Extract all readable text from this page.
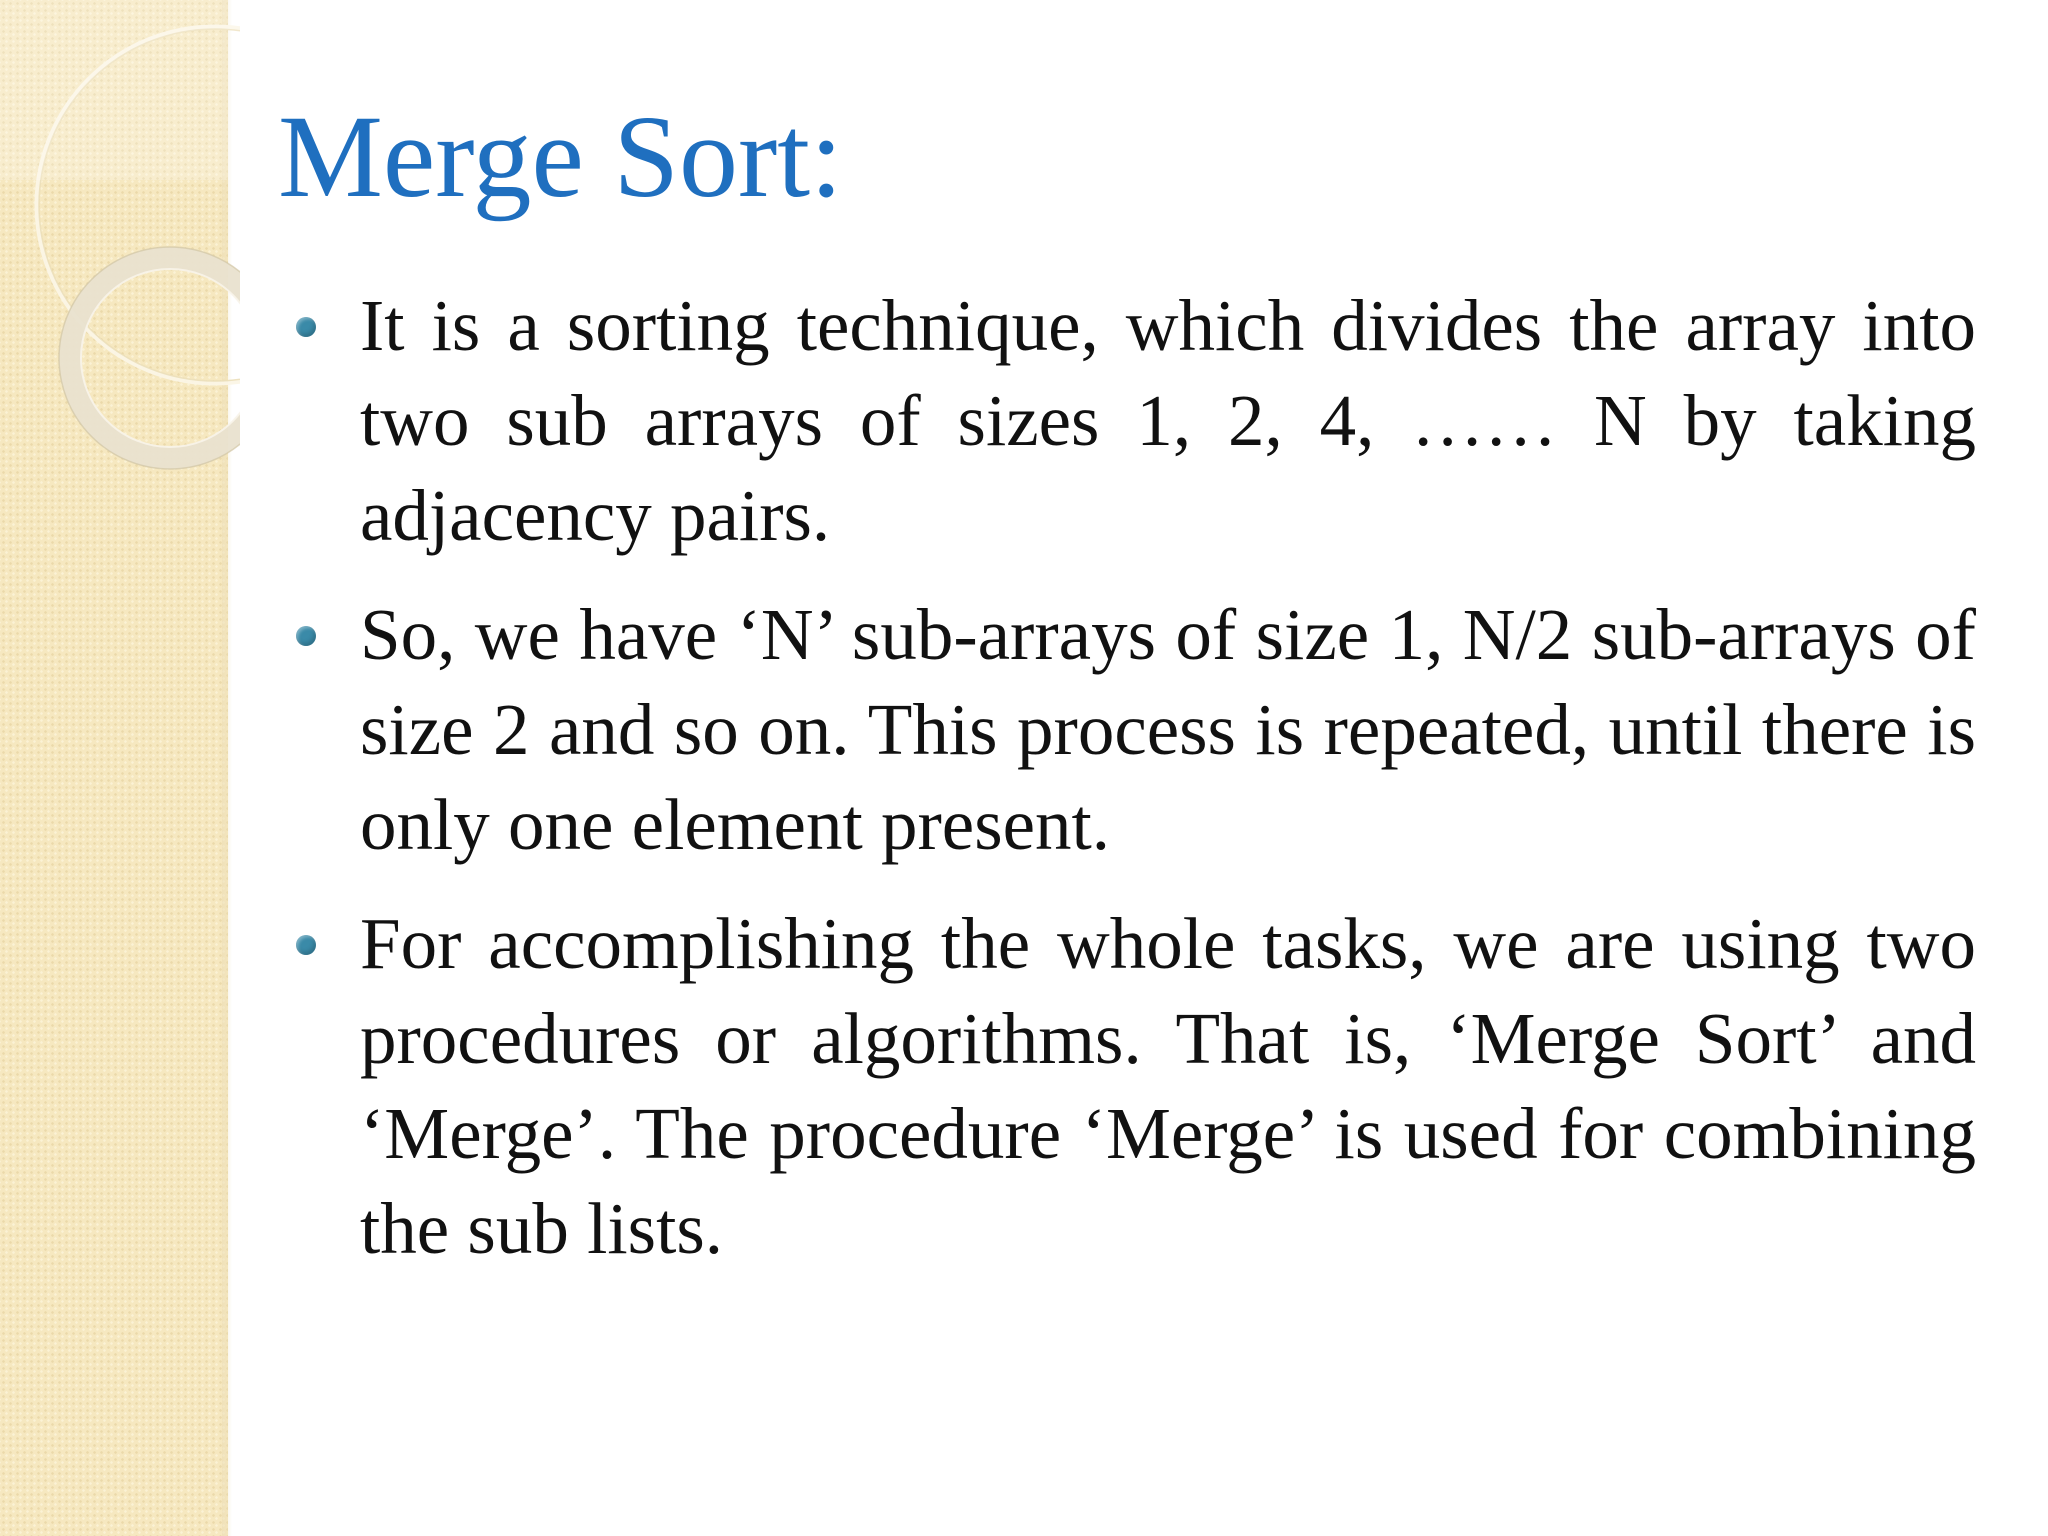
Merge Sort:
It is a sorting technique, which divides the array into two sub arrays of sizes 1, 2, 4, …… N by taking adjacency pairs.
So, we have ‘N’ sub-arrays of size 1, N/2 sub-arrays of size 2 and so on. This process is repeated, until there is only one element present.
For accomplishing the whole tasks, we are using two procedures or algorithms. That is, ‘Merge Sort’ and ‘Merge’. The procedure ‘Merge’ is used for combining the sub lists.
